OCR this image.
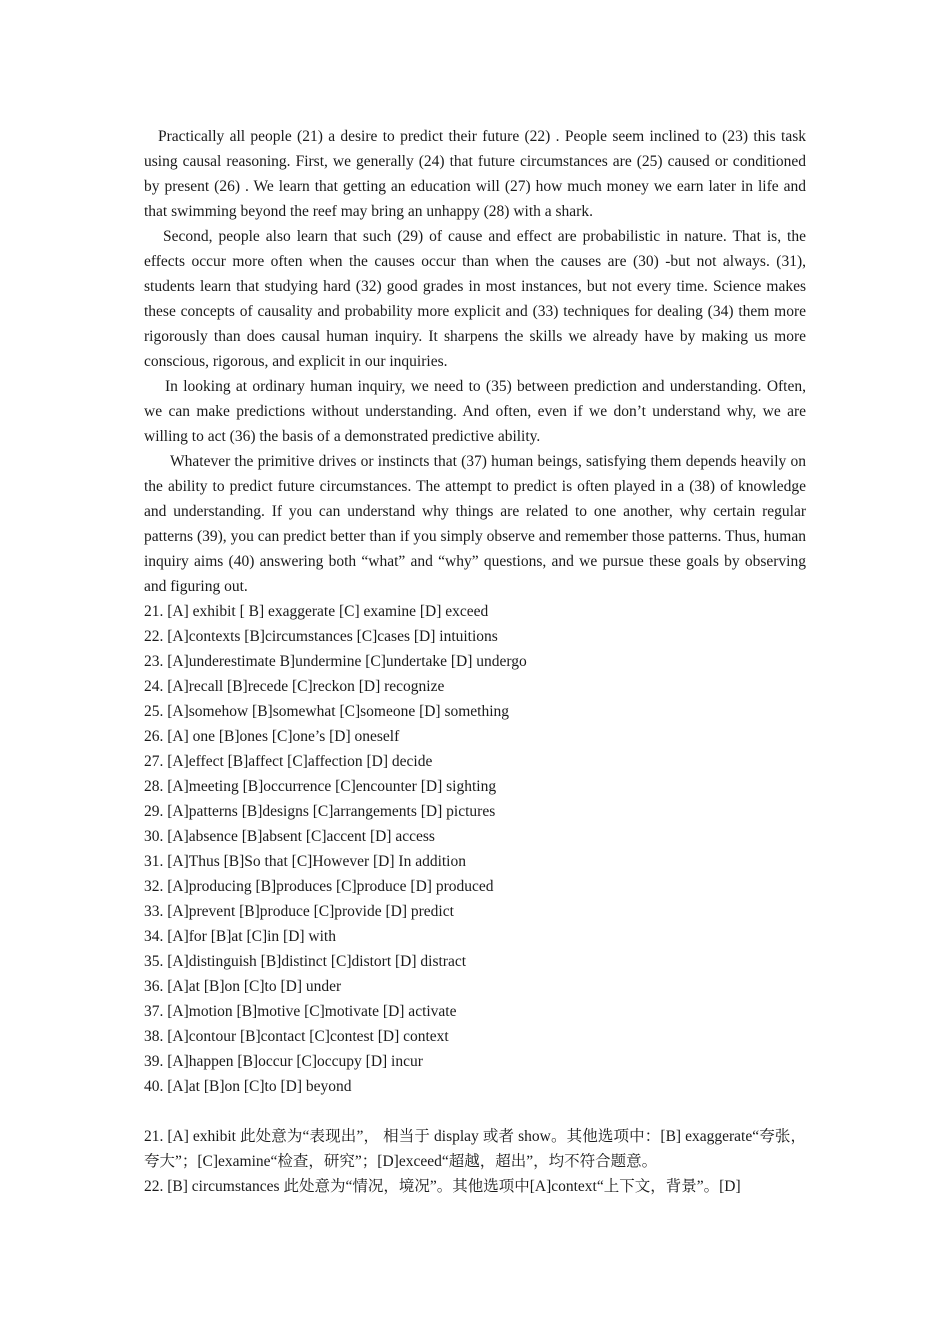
Practically all people (21) a desire to predict their future (22) . People seem inclined to (23) this task using causal reasoning. First, we generally (24) that future circumstances are (25) caused or conditioned by present (26) . We learn that getting an education will (27) how much money we earn later in life and that swimming beyond the reef may bring an unhappy (28) with a shark.

Second, people also learn that such (29) of cause and effect are probabilistic in nature. That is, the effects occur more often when the causes occur than when the causes are (30) -but not always. (31), students learn that studying hard (32) good grades in most instances, but not every time. Science makes these concepts of causality and probability more explicit and (33) techniques for dealing (34) them more rigorously than does causal human inquiry. It sharpens the skills we already have by making us more conscious, rigorous, and explicit in our inquiries.

In looking at ordinary human inquiry, we need to (35) between prediction and understanding. Often, we can make predictions without understanding. And often, even if we don’t understand why, we are willing to act (36) the basis of a demonstrated predictive ability.

Whatever the primitive drives or instincts that (37) human beings, satisfying them depends heavily on the ability to predict future circumstances. The attempt to predict is often played in a (38) of knowledge and understanding. If you can understand why things are related to one another, why certain regular patterns (39), you can predict better than if you simply observe and remember those patterns. Thus, human inquiry aims (40) answering both “what” and “why” questions, and we pursue these goals by observing and figuring out.

21. [A] exhibit [ B] exaggerate [C] examine [D] exceed
22. [A]contexts [B]circumstances [C]cases [D] intuitions
23. [A]underestimate B]undermine [C]undertake [D] undergo
24. [A]recall [B]recede [C]reckon [D] recognize
25. [A]somehow [B]somewhat [C]someone [D] something
26. [A] one [B]ones [C]one’s [D] oneself
27. [A]effect [B]affect [C]affection [D] decide
28. [A]meeting [B]occurrence [C]encounter [D] sighting
29. [A]patterns [B]designs [C]arrangements [D] pictures
30. [A]absence [B]absent [C]accent [D] access
31. [A]Thus [B]So that [C]However [D] In addition
32. [A]producing [B]produces [C]produce [D] produced
33. [A]prevent [B]produce [C]provide [D] predict
34. [A]for [B]at [C]in [D] with
35. [A]distinguish [B]distinct [C]distort [D] distract
36. [A]at [B]on [C]to [D] under
37. [A]motion [B]motive [C]motivate [D] activate
38. [A]contour [B]contact [C]contest [D] context
39. [A]happen [B]occur [C]occupy [D] incur
40. [A]at [B]on [C]to [D] beyond

21. [A] exhibit 此处意为“表现出”， 相当于 display 或者 show。其他选项中：[B] exaggerate“夸张，夸大”；[C]examine“检查，研究”；[D]exceed“超越，超出”，均不符合题意。

22. [B] circumstances 此处意为“情况，境况”。其他选项中[A]context“上下文，背景”。[D]
